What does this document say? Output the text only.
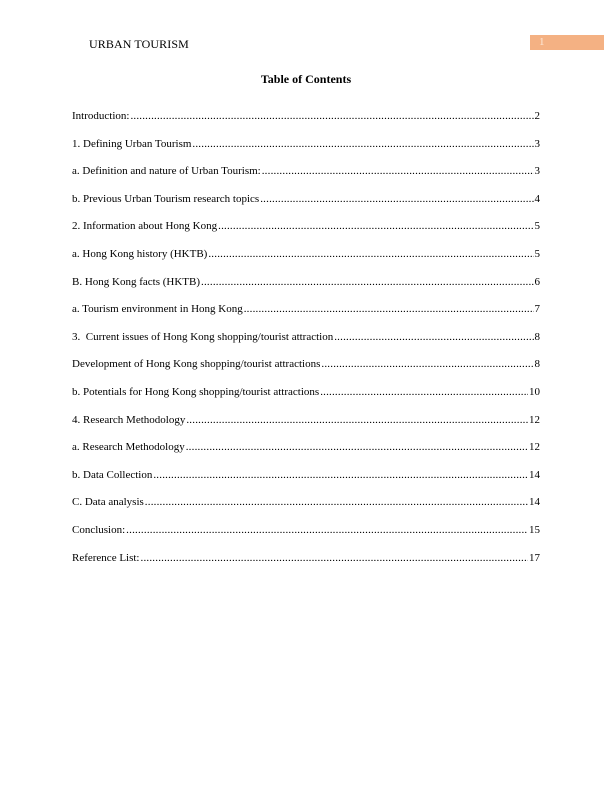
URBAN TOURISM	1
Table of Contents
Introduction: .....	2
1. Defining Urban Tourism .....	3
a. Definition and nature of Urban Tourism: .....	3
b. Previous Urban Tourism research topics .....	4
2. Information about Hong Kong .....	5
a. Hong Kong history (HKTB) .....	5
B. Hong Kong facts (HKTB) .....	6
a. Tourism environment in Hong Kong .....	7
3.  Current issues of Hong Kong shopping/tourist attraction .....	8
Development of Hong Kong shopping/tourist attractions .....	8
b. Potentials for Hong Kong shopping/tourist attractions .....	10
4. Research Methodology .....	12
a. Research Methodology .....	12
b. Data Collection .....	14
C. Data analysis .....	14
Conclusion: .....	15
Reference List: .....	17
